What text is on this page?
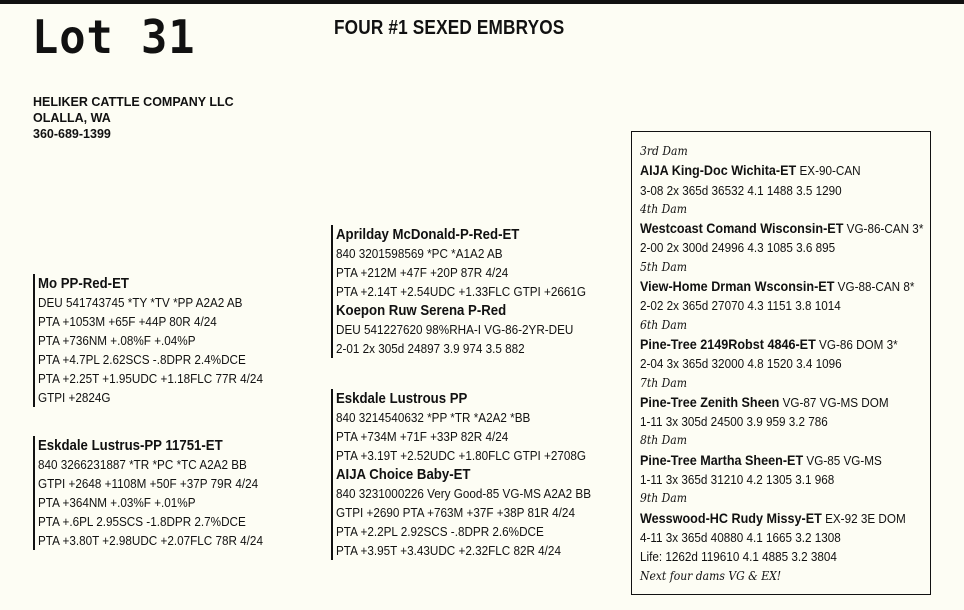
Lot 31	FOUR #1 SEXED EMBRYOS
HELIKER CATTLE COMPANY LLC
OLALLA, WA
360-689-1399
Mo PP-Red-ET
DEU 541743745 *TY *TV *PP A2A2 AB
PTA +1053M +65F +44P 80R 4/24
PTA +736NM +.08%F +.04%P
PTA +4.7PL 2.62SCS -.8DPR 2.4%DCE
PTA +2.25T +1.95UDC +1.18FLC 77R 4/24
GTPI +2824G
Eskdale Lustrus-PP 11751-ET
840 3266231887 *TR *PC *TC A2A2 BB
GTPI +2648 +1108M +50F +37P 79R 4/24
PTA +364NM +.03%F +.01%P
PTA +.6PL 2.95SCS -1.8DPR 2.7%DCE
PTA +3.80T +2.98UDC +2.07FLC 78R 4/24
Aprilday McDonald-P-Red-ET
840 3201598569 *PC *A1A2 AB
PTA +212M +47F +20P 87R 4/24
PTA +2.14T +2.54UDC +1.33FLC GTPI +2661G
Koepon Ruw Serena P-Red
DEU 541227620 98%RHA-I VG-86-2YR-DEU
2-01 2x 305d 24897 3.9 974 3.5 882
Eskdale Lustrous PP
840 3214540632 *PP *TR *A2A2 *BB
PTA +734M +71F +33P 82R 4/24
PTA +3.19T +2.52UDC +1.80FLC GTPI +2708G
AIJA Choice Baby-ET
840 3231000226 Very Good-85 VG-MS A2A2 BB
GTPI +2690 PTA +763M +37F +38P 81R 4/24
PTA +2.2PL 2.92SCS -.8DPR 2.6%DCE
PTA +3.95T +3.43UDC +2.32FLC 82R 4/24
3rd Dam
AIJA King-Doc Wichita-ET EX-90-CAN
3-08 2x 365d 36532 4.1 1488 3.5 1290
4th Dam
Westcoast Comand Wisconsin-ET VG-86-CAN 3*
2-00 2x 300d 24996 4.3 1085 3.6 895
5th Dam
View-Home Drman Wsconsin-ET VG-88-CAN 8*
2-02 2x 365d 27070 4.3 1151 3.8 1014
6th Dam
Pine-Tree 2149Robst 4846-ET VG-86 DOM 3*
2-04 3x 365d 32000 4.8 1520 3.4 1096
7th Dam
Pine-Tree Zenith Sheen VG-87 VG-MS DOM
1-11 3x 305d 24500 3.9 959 3.2 786
8th Dam
Pine-Tree Martha Sheen-ET VG-85 VG-MS
1-11 3x 365d 31210 4.2 1305 3.1 968
9th Dam
Wesswood-HC Rudy Missy-ET EX-92 3E DOM
4-11 3x 365d 40880 4.1 1665 3.2 1308
Life: 1262d 119610 4.1 4885 3.2 3804
Next four dams VG & EX!
